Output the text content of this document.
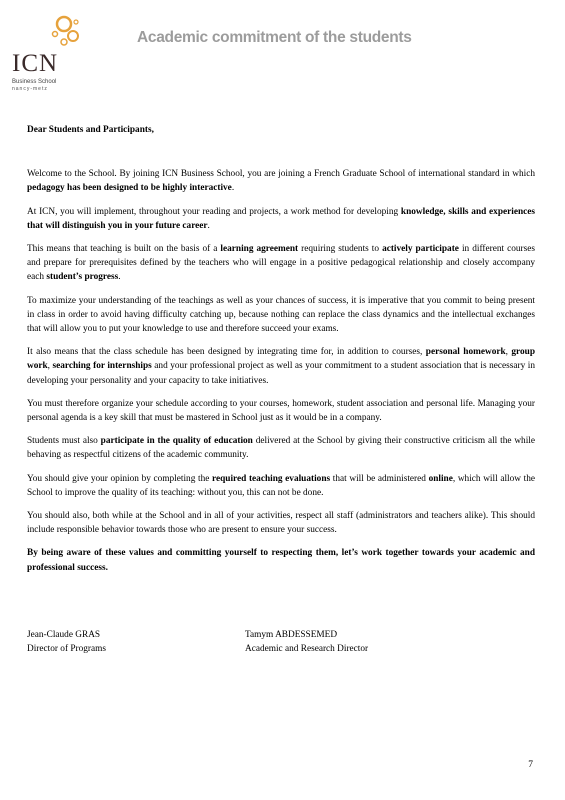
ICN
Business School
nancy-metz
Academic commitment of the students
Dear Students and Participants,

Welcome to the School. By joining ICN Business School, you are joining a French Graduate School of international standard in which pedagogy has been designed to be highly interactive.

At ICN, you will implement, throughout your reading and projects, a work method for developing knowledge, skills and experiences that will distinguish you in your future career.

This means that teaching is built on the basis of a learning agreement requiring students to actively participate in different courses and prepare for prerequisites defined by the teachers who will engage in a positive pedagogical relationship and closely accompany each student’s progress.

To maximize your understanding of the teachings as well as your chances of success, it is imperative that you commit to being present in class in order to avoid having difficulty catching up, because nothing can replace the class dynamics and the intellectual exchanges that will allow you to put your knowledge to use and therefore succeed your exams.

It also means that the class schedule has been designed by integrating time for, in addition to courses, personal homework, group work, searching for internships and your professional project as well as your commitment to a student association that is necessary in developing your personality and your capacity to take initiatives.

You must therefore organize your schedule according to your courses, homework, student association and personal life. Managing your personal agenda is a key skill that must be mastered in School just as it would be in a company.

Students must also participate in the quality of education delivered at the School by giving their constructive criticism all the while behaving as respectful citizens of the academic community.

You should give your opinion by completing the required teaching evaluations that will be administered online, which will allow the School to improve the quality of its teaching: without you, this can not be done.

You should also, both while at the School and in all of your activities, respect all staff (administrators and teachers alike). This should include responsible behavior towards those who are present to ensure your success.

By being aware of these values and committing yourself to respecting them, let’s work together towards your academic and professional success.

Jean-Claude GRAS
Director of Programs
Tamym ABDESSEMED
Academic and Research Director
7
